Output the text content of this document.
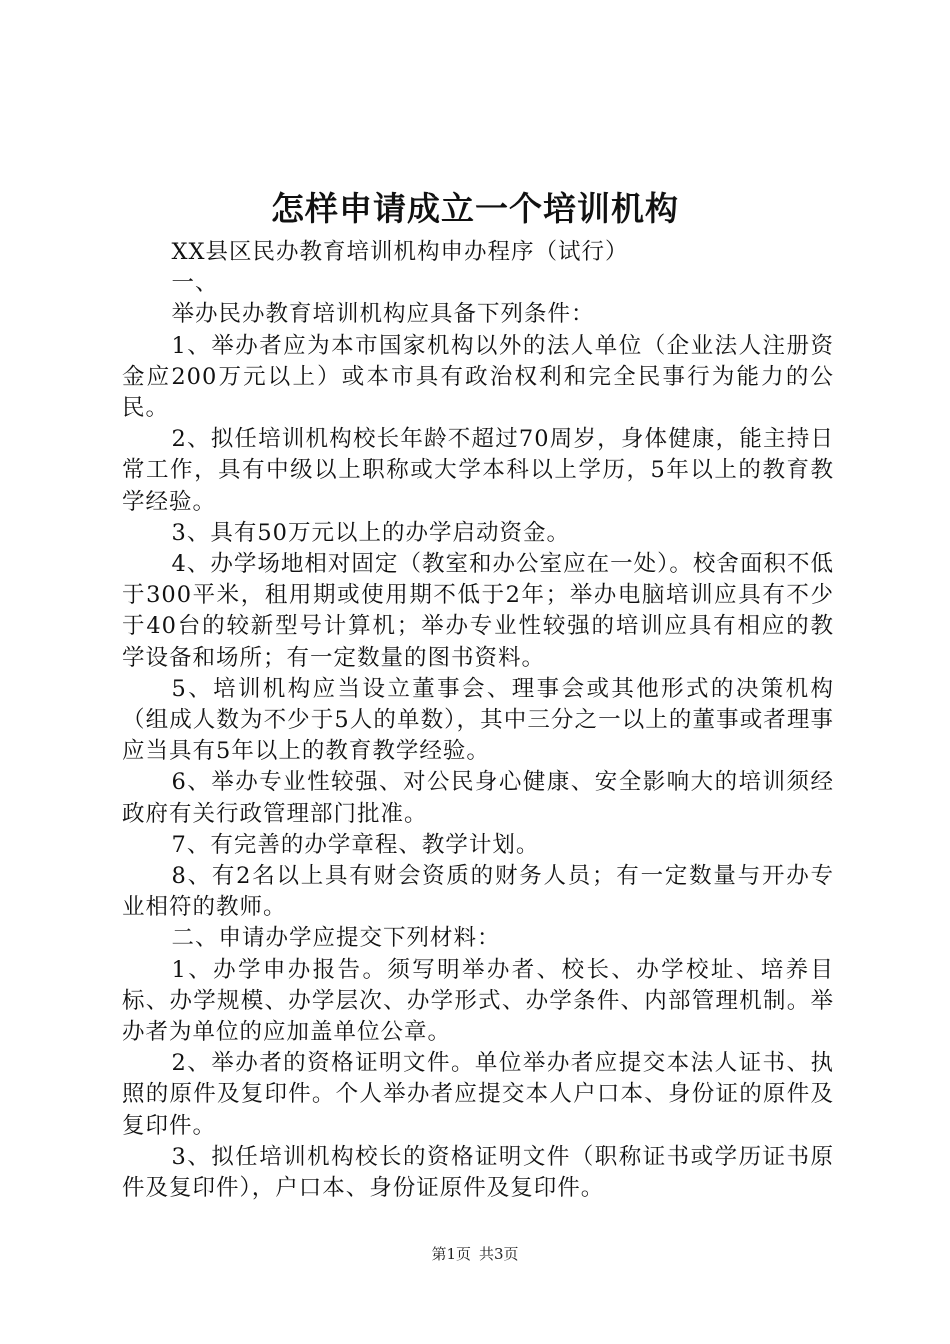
怎样申请成立一个培训机构

XX县区民办教育培训机构申办程序（试行）

一、

举办民办教育培训机构应具备下列条件：

1、举办者应为本市国家机构以外的法人单位（企业法人注册资金应200万元以上）或本市具有政治权利和完全民事行为能力的公民。

2、拟任培训机构校长年龄不超过70周岁，身体健康，能主持日常工作，具有中级以上职称或大学本科以上学历，5年以上的教育教学经验。

3、具有50万元以上的办学启动资金。

4、办学场地相对固定（教室和办公室应在一处）。校舍面积不低于300平米，租用期或使用期不低于2年；举办电脑培训应具有不少于40台的较新型号计算机；举办专业性较强的培训应具有相应的教学设备和场所；有一定数量的图书资料。

5、培训机构应当设立董事会、理事会或其他形式的决策机构（组成人数为不少于5人的单数），其中三分之一以上的董事或者理事应当具有5年以上的教育教学经验。

6、举办专业性较强、对公民身心健康、安全影响大的培训须经政府有关行政管理部门批准。

7、有完善的办学章程、教学计划。

8、有2名以上具有财会资质的财务人员；有一定数量与开办专业相符的教师。

二、申请办学应提交下列材料：

1、办学申办报告。须写明举办者、校长、办学校址、培养目标、办学规模、办学层次、办学形式、办学条件、内部管理机制。举办者为单位的应加盖单位公章。

2、举办者的资格证明文件。单位举办者应提交本法人证书、执照的原件及复印件。个人举办者应提交本人户口本、身份证的原件及复印件。

3、拟任培训机构校长的资格证明文件（职称证书或学历证书原件及复印件），户口本、身份证原件及复印件。

第1页 共3页
